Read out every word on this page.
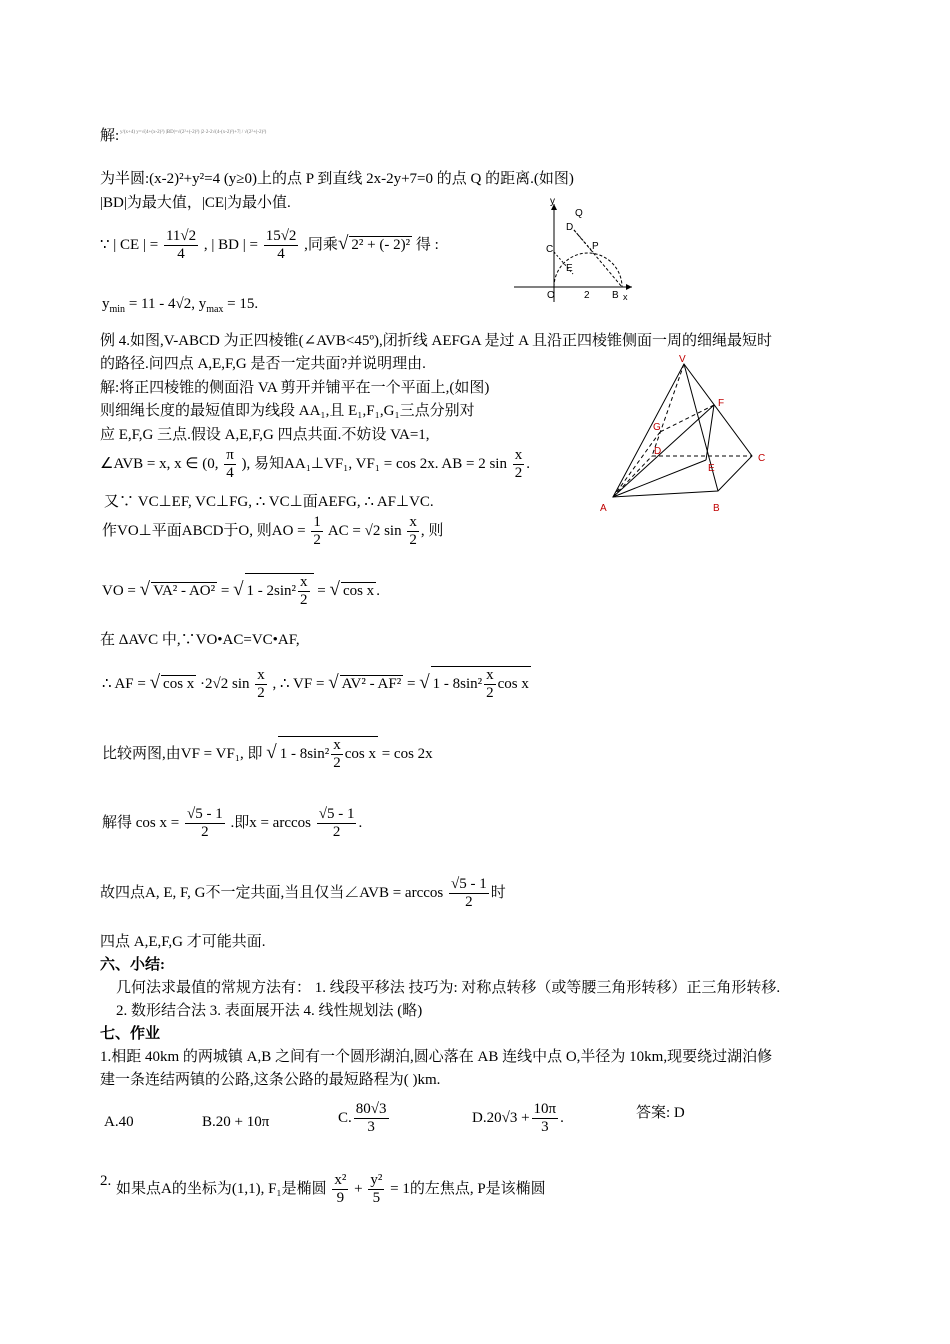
解: y/(x+4) y=√(4+(x-2)²) |BD|=√(2²+(-2)²) |2·2-2√(4-(x-2)²)+7| / √(2²+(-2)²)
为半圆:(x-2)²+y²=4 (y≥0)上的点 P 到直线 2x-2y+7=0 的点 Q 的距离.(如图)
|BD|为最大值，|CE|为最小值.
∵ | CE | = $\frac{11√2}{4}$ , | BD | = $\frac{15√2}{4}$ ,同乘√ 2² + (- 2)² 得 :
$y_{min} = 11 - 4√2$, $y_{max} = 15$.
y
Q
D
C	P
E
O	2 B x
例 4.如图,V-ABCD 为正四棱锥(∠AVB<45º),闭折线 AEFGA 是过 A 且沿正四棱锥侧面一周的细绳最短时
的路径.问四点 A,E,F,G 是否一定共面?并说明理由.
解:将正四棱锥的侧面沿 VA 剪开并铺平在一个平面上,(如图)
则细绳长度的最短值即为线段 AA₁,且 E₁,F₁,G₁三点分别对
应 E,F,G 三点.假设 A,E,F,G 四点共面.不妨设 VA=1,
V
F
G
D
C
E
A	B
∠AVB = x, x ∈ (0, $\frac{\pi}{4}$ ), 易知AA₁⊥VF₁, VF₁ = cos 2x. AB = 2 $\sin \frac{x}{2}$ .
又∵ VC⊥EF, VC⊥FG, ∴ VC⊥面AEFG, ∴ AF⊥VC.
作VO⊥平面ABCD于O, 则AO = $\frac{1}{2}$ AC = √2 $\sin \frac{x}{2}$ , 则
VO = √ VA² - AO² = √ $1 - 2\sin^2 \frac{x}{2}$ = √ cos x .
在 ΔAVC 中,∵VO•AC=VC•AF,
∴ AF = √ cos x ·2√2 $\sin \frac{x}{2}$ , ∴ VF = √ AV² - AF² = √ $1 - 8\sin^2 \frac{x}{2}$ cos x
比较两图,由VF = VF₁, 即 √ $1 - 8\sin^2 \frac{x}{2}$ cos x = cos 2x
解得 $\cos x = \frac{√5 - 1}{2}$ .即$x = \arccos \frac{√5 - 1}{2}$ .
故四点A, E, F, G不一定共面,当且仅当∠AVB = $\arccos \frac{√5 - 1}{2}$ 时
四点 A,E,F,G 才可能共面.
六、小结:
几何法求最值的常规方法有： 1. 线段平移法 技巧为: 对称点转移（或等腰三角形转移）正三角形转移.
2. 数形结合法 3. 表面展开法 4. 线性规划法 (略)
七、作业
1.相距 40km 的两城镇 A,B 之间有一个圆形湖泊,圆心落在 AB 连线中点 O,半径为 10km,现要绕过湖泊修
建一条连结两镇的公路,这条公路的最短路程为( )km.
A.40	B.20 + 10π	C. $\frac{80√3}{3}$	$D.20√3 + \frac{10\pi}{3}$ .	答案: D
2. 如果点A的坐标为(1,1), F₁是椭圆 $\frac{\text{x²}}{9} + \frac{\text{y²}}{5} = 1$的左焦点, P是该椭圆
